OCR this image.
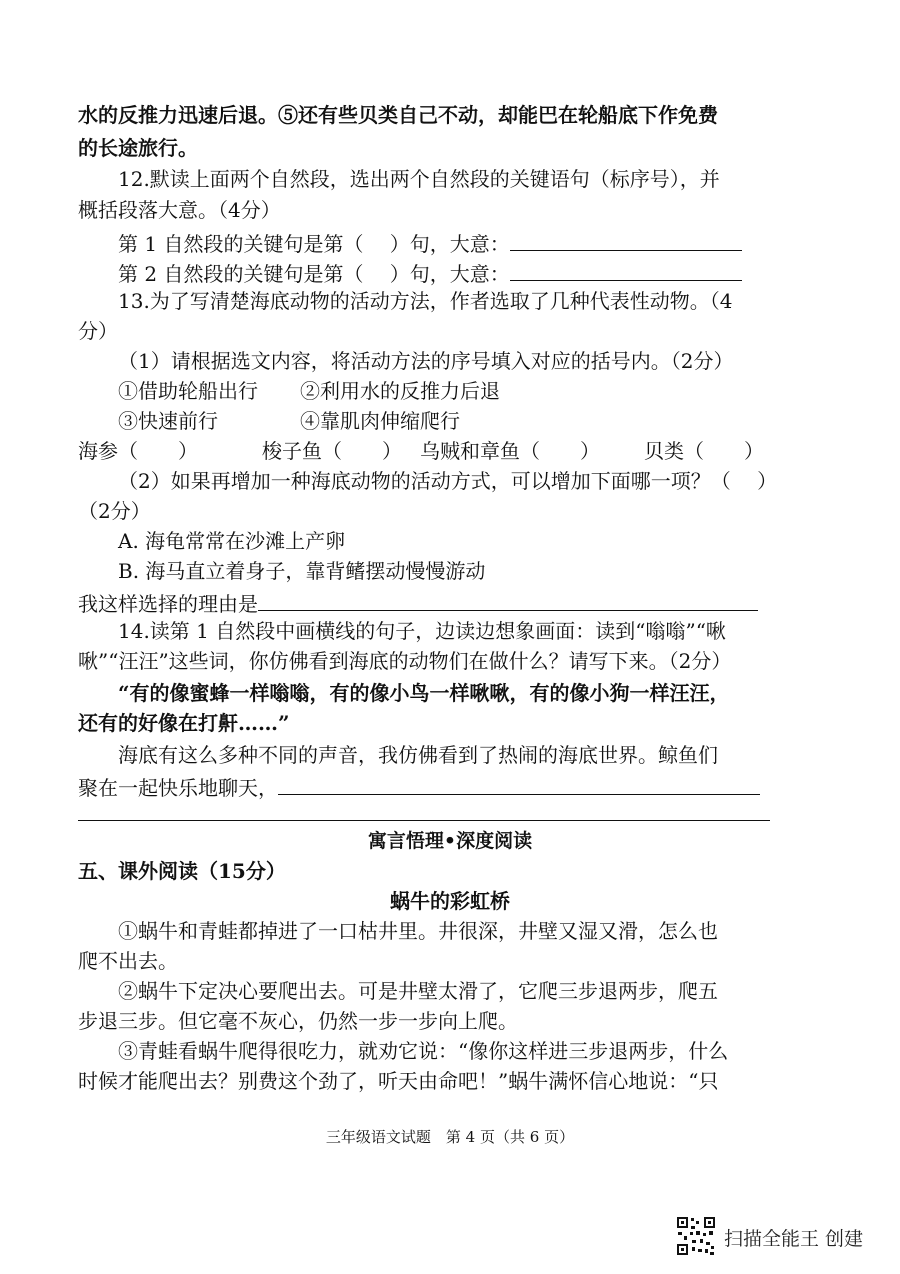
水的反推力迅速后退。⑤还有些贝类自己不动，却能巴在轮船底下作免费
的长途旅行。
12.默读上面两个自然段，选出两个自然段的关键语句（标序号），并
概括段落大意。（4分）
第 1 自然段的关键句是第（　 ）句，大意：
第 2 自然段的关键句是第（　 ）句，大意：
13.为了写清楚海底动物的活动方法，作者选取了几种代表性动物。（4
分）
（1）请根据选文内容，将活动方法的序号填入对应的括号内。（2分）
①借助轮船出行 ②利用水的反推力后退
③快速前行	④靠肌肉伸缩爬行
海参（　　）	梭子鱼（　　） 乌贼和章鱼（　　） 贝类（　　）
（2）如果再增加一种海底动物的活动方式，可以增加下面哪一项？（　 ）
（2分）
A. 海龟常常在沙滩上产卵
B. 海马直立着身子，靠背鳍摆动慢慢游动
我这样选择的理由是
14.读第 1 自然段中画横线的句子，边读边想象画面：读到“嗡嗡”“啾
啾”“汪汪”这些词，你仿佛看到海底的动物们在做什么？请写下来。（2分）
“有的像蜜蜂一样嗡嗡，有的像小鸟一样啾啾，有的像小狗一样汪汪，
还有的好像在打鼾……”
海底有这么多种不同的声音，我仿佛看到了热闹的海底世界。鲸鱼们
聚在一起快乐地聊天，
寓言悟理•深度阅读
五、课外阅读（15分）
蜗牛的彩虹桥
①蜗牛和青蛙都掉进了一口枯井里。井很深，井壁又湿又滑，怎么也
爬不出去。
②蜗牛下定决心要爬出去。可是井壁太滑了，它爬三步退两步，爬五
步退三步。但它毫不灰心，仍然一步一步向上爬。
③青蛙看蜗牛爬得很吃力，就劝它说：“像你这样进三步退两步，什么
时候才能爬出去？别费这个劲了，听天由命吧！”蜗牛满怀信心地说：“只
三年级语文试题　第 4 页（共 6 页）
扫描全能王 创建
